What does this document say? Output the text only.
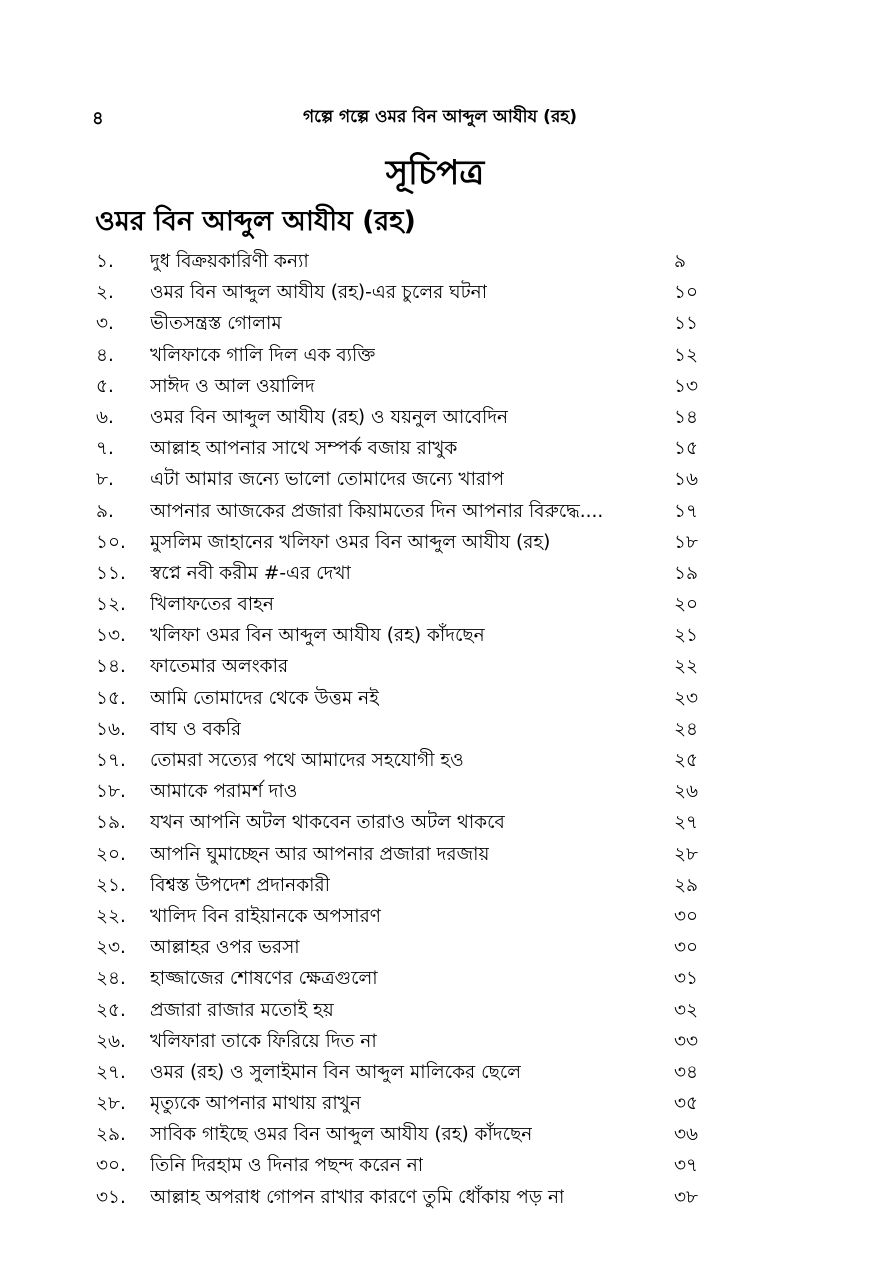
৪	গল্পে গল্পে ওমর বিন আব্দুল আযীয (রহ)
সূচিপত্র
ওমর বিন আব্দুল আযীয (রহ)
১.	দুধ বিক্রয়কারিণী কন্যা	৯
২.	ওমর বিন আব্দুল আযীয (রহ)-এর চুলের ঘটনা	১০
৩.	ভীতসন্ত্রস্ত গোলাম	১১
৪.	খলিফাকে গালি দিল এক ব্যক্তি	১২
৫.	সাঈদ ও আল ওয়ালিদ	১৩
৬.	ওমর বিন আব্দুল আযীয (রহ) ও যয়নুল আবেদিন	১৪
৭.	আল্লাহ আপনার সাথে সম্পর্ক বজায় রাখুক	১৫
৮.	এটা আমার জন্যে ভালো তোমাদের জন্যে খারাপ	১৬
৯.	আপনার আজকের প্রজারা কিয়ামতের দিন আপনার বিরুদ্ধে....	১৭
১০.	মুসলিম জাহানের খলিফা ওমর বিন আব্দুল আযীয (রহ)	১৮
১১.	স্বপ্নে নবী করীম #-এর দেখা	১৯
১২.	খিলাফতের বাহন	২০
১৩.	খলিফা ওমর বিন আব্দুল আযীয (রহ) কাঁদছেন	২১
১৪.	ফাতেমার অলংকার	২২
১৫.	আমি তোমাদের থেকে উত্তম নই	২৩
১৬.	বাঘ ও বকরি	২৪
১৭.	তোমরা সত্যের পথে আমাদের সহযোগী হও	২৫
১৮.	আমাকে পরামর্শ দাও	২৬
১৯.	যখন আপনি অটল থাকবেন তারাও অটল থাকবে	২৭
২০.	আপনি ঘুমাচ্ছেন আর আপনার প্রজারা দরজায়	২৮
২১.	বিশ্বস্ত উপদেশ প্রদানকারী	২৯
২২.	খালিদ বিন রাইয়ানকে অপসারণ	৩০
২৩.	আল্লাহর ওপর ভরসা	৩০
২৪.	হাজ্জাজের শোষণের ক্ষেত্রগুলো	৩১
২৫.	প্রজারা রাজার মতোই হয়	৩২
২৬.	খলিফারা তাকে ফিরিয়ে দিত না	৩৩
২৭.	ওমর (রহ) ও সুলাইমান বিন আব্দুল মালিকের ছেলে	৩৪
২৮.	মৃত্যুকে আপনার মাথায় রাখুন	৩৫
২৯.	সাবিক গাইছে ওমর বিন আব্দুল আযীয (রহ) কাঁদছেন	৩৬
৩০.	তিনি দিরহাম ও দিনার পছন্দ করেন না	৩৭
৩১.	আল্লাহ অপরাধ গোপন রাখার কারণে তুমি ধোঁকায় পড় না	৩৮
